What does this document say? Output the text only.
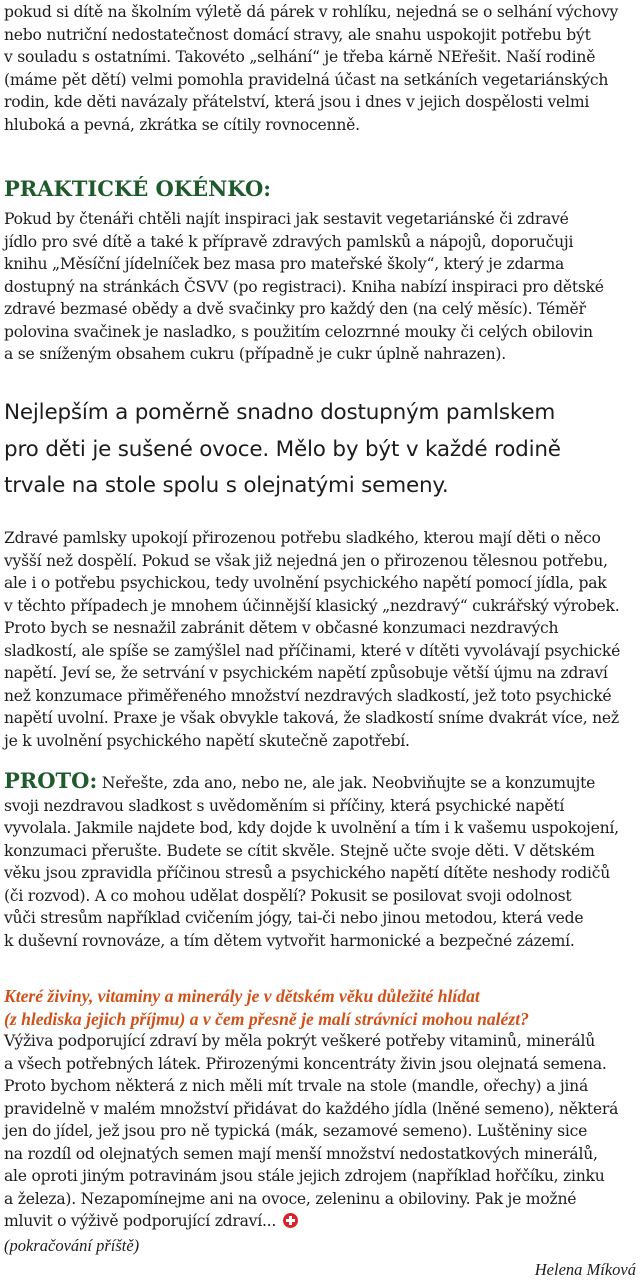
pokud si dítě na školním výletě dá párek v rohlíku, nejedná se o selhání výchovy
nebo nutriční nedostatečnost domácí stravy, ale snahu uspokojit potřebu být
v souladu s ostatními. Takovéto „selhání“ je třeba kárně NEřešit. Naší rodině
(máme pět dětí) velmi pomohla pravidelná účast na setkáních vegetariánských
rodin, kde děti navázaly přátelství, která jsou i dnes v jejich dospělosti velmi
hluboká a pevná, zkrátka se cítily rovnocenně.

PRAKTICKÉ OKÉNKO:

Pokud by čtenáři chtěli najít inspiraci jak sestavit vegetariánské či zdravé
jídlo pro své dítě a také k přípravě zdravých pamlsků a nápojů, doporučuji
knihu „Měsíční jídelníček bez masa pro mateřské školy“, který je zdarma
dostupný na stránkách ČSVV (po registraci). Kniha nabízí inspiraci pro dětské
zdravé bezmasé obědy a dvě svačinky pro každý den (na celý měsíc). Téměř
polovina svačinek je nasladko, s použitím celozrnné mouky či celých obilovin
a se sníženým obsahem cukru (případně je cukr úplně nahrazen).

Nejlepším a poměrně snadno dostupným pamlskem
pro děti je sušené ovoce. Mělo by být v každé rodině
trvale na stole spolu s olejnatými semeny.

Zdravé pamlsky upokojí přirozenou potřebu sladkého, kterou mají děti o něco
vyšší než dospělí. Pokud se však již nejedná jen o přirozenou tělesnou potřebu,
ale i o potřebu psychickou, tedy uvolnění psychického napětí pomocí jídla, pak
v těchto případech je mnohem účinnější klasický „nezdravý“ cukrářský výrobek.
Proto bych se nesnažil zabránit dětem v občasné konzumaci nezdravých
sladkostí, ale spíše se zamýšlel nad příčinami, které v dítěti vyvolávají psychické
napětí. Jeví se, že setrvání v psychickém napětí způsobuje větší újmu na zdraví
než konzumace přiměřeného množství nezdravých sladkostí, jež toto psychické
napětí uvolní. Praxe je však obvykle taková, že sladkostí sníme dvakrát více, než
je k uvolnění psychického napětí skutečně zapotřebí.

PROTO: Neřešte, zda ano, nebo ne, ale jak. Neobviňujte se a konzumujte
svoji nezdravou sladkost s uvědoměním si příčiny, která psychické napětí
vyvolala. Jakmile najdete bod, kdy dojde k uvolnění a tím i k vašemu uspokojení,
konzumaci přerušte. Budete se cítit skvěle. Stejně učte svoje děti. V dětském
věku jsou zpravidla příčinou stresů a psychického napětí dítěte neshody rodičů
(či rozvod). A co mohou udělat dospělí? Pokusit se posilovat svoji odolnost
vůči stresům například cvičením jógy, tai-či nebo jinou metodou, která vede
k duševní rovnováze, a tím dětem vytvořit harmonické a bezpečné zázemí.

Které živiny, vitaminy a minerály je v dětském věku důležité hlídat
(z hlediska jejich příjmu) a v čem přesně je malí strávníci mohou nalézt?

Výživa podporující zdraví by měla pokrýt veškeré potřeby vitaminů, minerálů
a všech potřebných látek. Přirozenými koncentráty živin jsou olejnatá semena.
Proto bychom některá z nich měli mít trvale na stole (mandle, ořechy) a jiná
pravidelně v malém množství přidávat do každého jídla (lněné semeno), některá
jen do jídel, jež jsou pro ně typická (mák, sezamové semeno). Luštěniny sice
na rozdíl od olejnatých semen mají menší množství nedostatkových minerálů,
ale oproti jiným potravinám jsou stále jejich zdrojem (například hořčíku, zinku
a železa). Nezapomínejme ani na ovoce, zeleninu a obiloviny. Pak je možné
mluvit o výživě podporující zdraví...

(pokračování příště)
Helena Míková
